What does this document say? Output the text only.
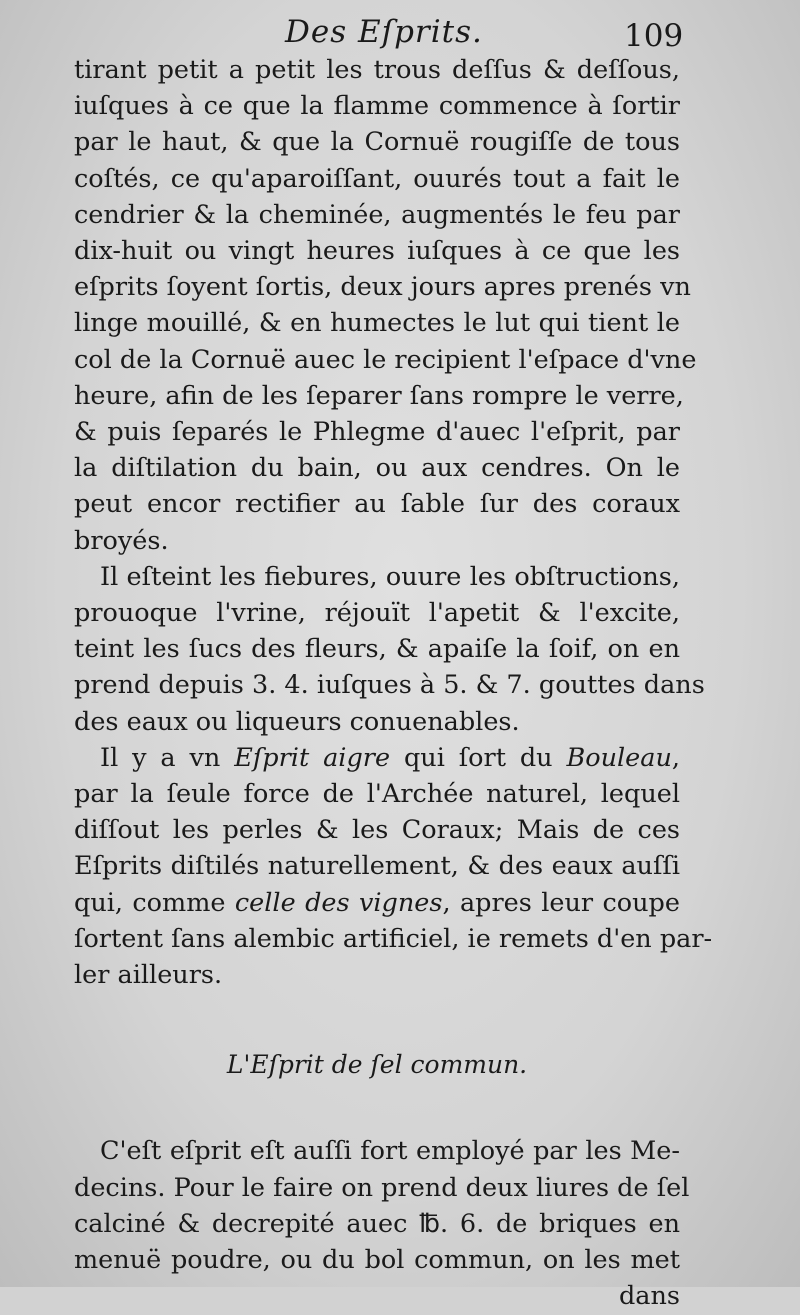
Des Eſprits.	109

tirant petit a petit les trous deſſus & deſſous,
iuſques à ce que la flamme commence à ſortir
par le haut, & que la Cornuë rougiſſe de tous
coſtés, ce qu'aparoiſſant, ouurés tout a fait le
cendrier & la cheminée, augmentés le feu par
dix-huit ou vingt heures iuſques à ce que les
eſprits ſoyent ſortis, deux jours apres prenés vn
linge mouillé, & en humectes le lut qui tient le
col de la Cornuë auec le recipient l'eſpace d'vne
heure, afin de les ſeparer ſans rompre le verre,
& puis ſeparés le Phlegme d'auec l'eſprit, par
la diſtilation du bain, ou aux cendres. On le
peut encor rectifier au ſable ſur des coraux
broyés.

Il eſteint les fiebures, ouure les obſtructions,
prouoque l'vrine, réjouït l'apetit & l'excite,
teint les ſucs des fleurs, & apaiſe la ſoif, on en
prend depuis 3. 4. iuſques à 5. & 7. gouttes dans
des eaux ou liqueurs conuenables.

Il y a vn Eſprit aigre qui ſort du Bouleau,
par la ſeule force de l'Archée naturel, lequel
diſſout les perles & les Coraux; Mais de ces
Eſprits diſtilés naturellement, & des eaux auſſi
qui, comme celle des vignes, apres leur coupe
ſortent ſans alembic artificiel, ie remets d'en par-
ler ailleurs.

L'Eſprit de ſel commun.

C'eſt eſprit eſt auſſi fort employé par les Me-
decins. Pour le faire on prend deux liures de ſel
calciné & decrepité auec ℔. 6. de briques en
menuë poudre, ou du bol commun, on les met
dans
